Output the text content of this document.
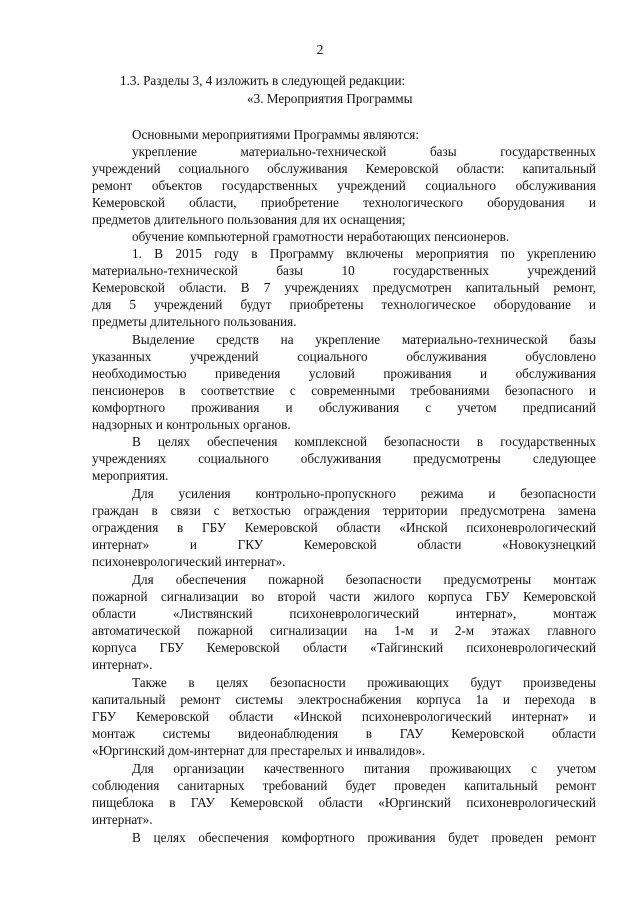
2
1.3. Разделы 3, 4 изложить в следующей редакции:
«3. Мероприятия Программы
Основными мероприятиями Программы являются:
укрепление материально-технической базы государственных
учреждений социального обслуживания Кемеровской области: капитальный
ремонт объектов государственных учреждений социального обслуживания
Кемеровской области, приобретение технологического оборудования и
предметов длительного пользования для их оснащения;
обучение компьютерной грамотности неработающих пенсионеров.
1. В 2015 году в Программу включены мероприятия по укреплению
материально-технической базы 10 государственных учреждений
Кемеровской области. В 7 учреждениях предусмотрен капитальный ремонт,
для 5 учреждений будут приобретены технологическое оборудование и
предметы длительного пользования.
Выделение средств на укрепление материально-технической базы
указанных учреждений социального обслуживания обусловлено
необходимостью приведения условий проживания и обслуживания
пенсионеров в соответствие с современными требованиями безопасного и
комфортного проживания и обслуживания с учетом предписаний
надзорных и контрольных органов.
В целях обеспечения комплексной безопасности в государственных
учреждениях социального обслуживания предусмотрены следующее
мероприятия.
Для усиления контрольно-пропускного режима и безопасности
граждан в связи с ветхостью ограждения территории предусмотрена замена
ограждения в ГБУ Кемеровской области «Инской психоневрологический
интернат» и ГКУ Кемеровской области «Новокузнецкий
психоневрологический интернат».
Для обеспечения пожарной безопасности предусмотрены монтаж
пожарной сигнализации во второй части жилого корпуса ГБУ Кемеровской
области «Листвянский психоневрологический интернат», монтаж
автоматической пожарной сигнализации на 1-м и 2-м этажах главного
корпуса ГБУ Кемеровской области «Тайгинский психоневрологический
интернат».
Также в целях безопасности проживающих будут произведены
капитальный ремонт системы электроснабжения корпуса 1а и перехода в
ГБУ Кемеровской области «Инской психоневрологический интернат» и
монтаж системы видеонаблюдения в ГАУ Кемеровской области
«Юргинский дом-интернат для престарелых и инвалидов».
Для организации качественного питания проживающих с учетом
соблюдения санитарных требований будет проведен капитальный ремонт
пищеблока в ГАУ Кемеровской области «Юргинский психоневрологический
интернат».
В целях обеспечения комфортного проживания будет проведен ремонт
